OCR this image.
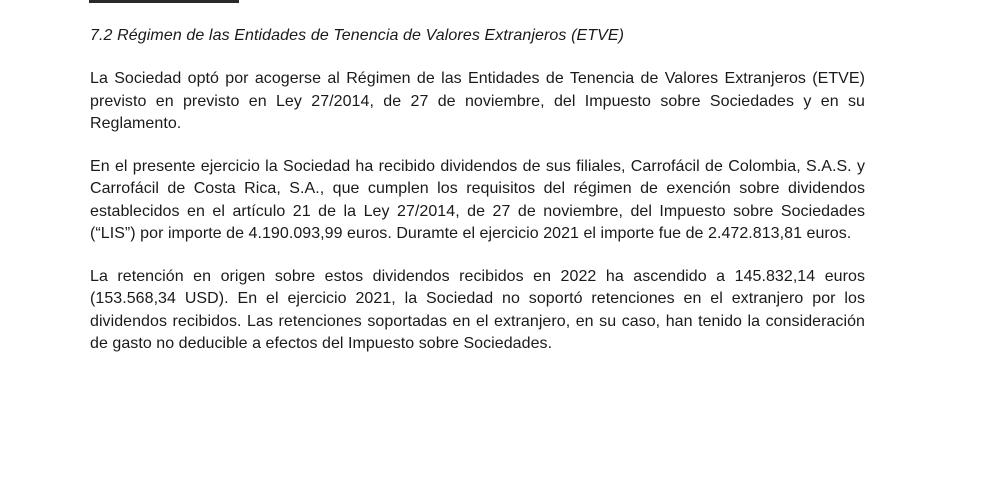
7.2 Régimen de las Entidades de Tenencia de Valores Extranjeros (ETVE)

La Sociedad optó por acogerse al Régimen de las Entidades de Tenencia de Valores Extranjeros (ETVE) previsto en previsto en Ley 27/2014, de 27 de noviembre, del Impuesto sobre Sociedades y en su Reglamento.

En el presente ejercicio la Sociedad ha recibido dividendos de sus filiales, Carrofácil de Colombia, S.A.S. y Carrofácil de Costa Rica, S.A., que cumplen los requisitos del régimen de exención sobre dividendos establecidos en el artículo 21 de la Ley 27/2014, de 27 de noviembre, del Impuesto sobre Sociedades (“LIS”) por importe de 4.190.093,99 euros. Duramte el ejercicio 2021 el importe fue de 2.472.813,81 euros.

La retención en origen sobre estos dividendos recibidos en 2022 ha ascendido a 145.832,14 euros (153.568,34 USD). En el ejercicio 2021, la Sociedad no soportó retenciones en el extranjero por los dividendos recibidos. Las retenciones soportadas en el extranjero, en su caso, han tenido la consideración de gasto no deducible a efectos del Impuesto sobre Sociedades.
